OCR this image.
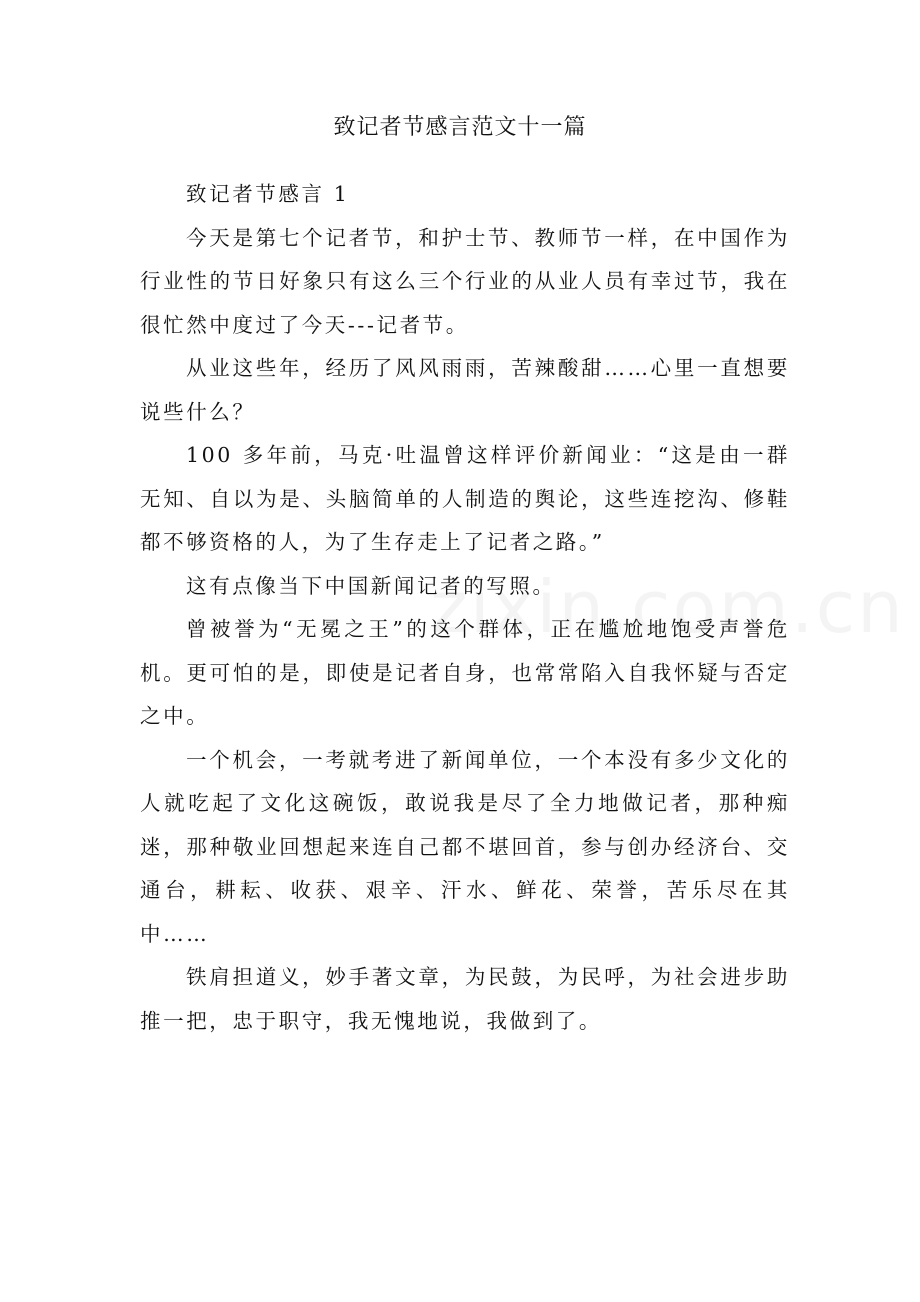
致记者节感言范文十一篇

致记者节感言 1

今天是第七个记者节，和护士节、教师节一样，在中国作为行业性的节日好象只有这么三个行业的从业人员有幸过节，我在很忙然中度过了今天---记者节。

从业这些年，经历了风风雨雨，苦辣酸甜……心里一直想要说些什么？

100 多年前，马克·吐温曾这样评价新闻业：“这是由一群无知、自以为是、头脑简单的人制造的舆论，这些连挖沟、修鞋都不够资格的人，为了生存走上了记者之路。”

这有点像当下中国新闻记者的写照。

曾被誉为“无冕之王”的这个群体，正在尴尬地饱受声誉危机。更可怕的是，即使是记者自身，也常常陷入自我怀疑与否定之中。

一个机会，一考就考进了新闻单位，一个本没有多少文化的人就吃起了文化这碗饭，敢说我是尽了全力地做记者，那种痴迷，那种敬业回想起来连自己都不堪回首，参与创办经济台、交通台，耕耘、收获、艰辛、汗水、鲜花、荣誉，苦乐尽在其中……

铁肩担道义，妙手著文章，为民鼓，为民呼，为社会进步助推一把，忠于职守，我无愧地说，我做到了。
